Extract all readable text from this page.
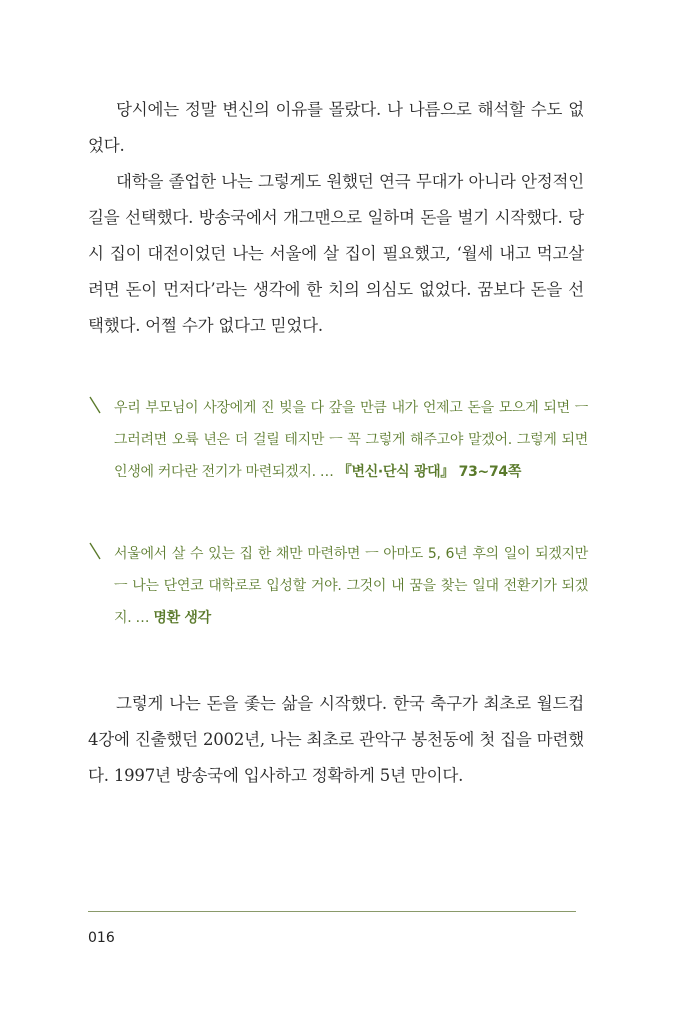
당시에는 정말 변신의 이유를 몰랐다. 나 나름으로 해석할 수도 없었다.

대학을 졸업한 나는 그렇게도 원했던 연극 무대가 아니라 안정적인 길을 선택했다. 방송국에서 개그맨으로 일하며 돈을 벌기 시작했다. 당시 집이 대전이었던 나는 서울에 살 집이 필요했고, ‘월세 내고 먹고살려면 돈이 먼저다’라는 생각에 한 치의 의심도 없었다. 꿈보다 돈을 선택했다. 어쩔 수가 없다고 믿었다.

우리 부모님이 사장에게 진 빚을 다 갚을 만큼 내가 언제고 돈을 모으게 되면 ㅡ 그러려면 오륙 년은 더 걸릴 테지만 ㅡ 꼭 그렇게 해주고야 말겠어. 그렇게 되면 인생에 커다란 전기가 마련되겠지. … 『변신·단식 광대』 73~74쪽
서울에서 살 수 있는 집 한 채만 마련하면 ㅡ 아마도 5, 6년 후의 일이 되겠지만 ㅡ 나는 단연코 대학로로 입성할 거야. 그것이 내 꿈을 찾는 일대 전환기가 되겠지. … 명환 생각

그렇게 나는 돈을 좇는 삶을 시작했다. 한국 축구가 최초로 월드컵 4강에 진출했던 2002년, 나는 최초로 관악구 봉천동에 첫 집을 마련했다. 1997년 방송국에 입사하고 정확하게 5년 만이다.

016
